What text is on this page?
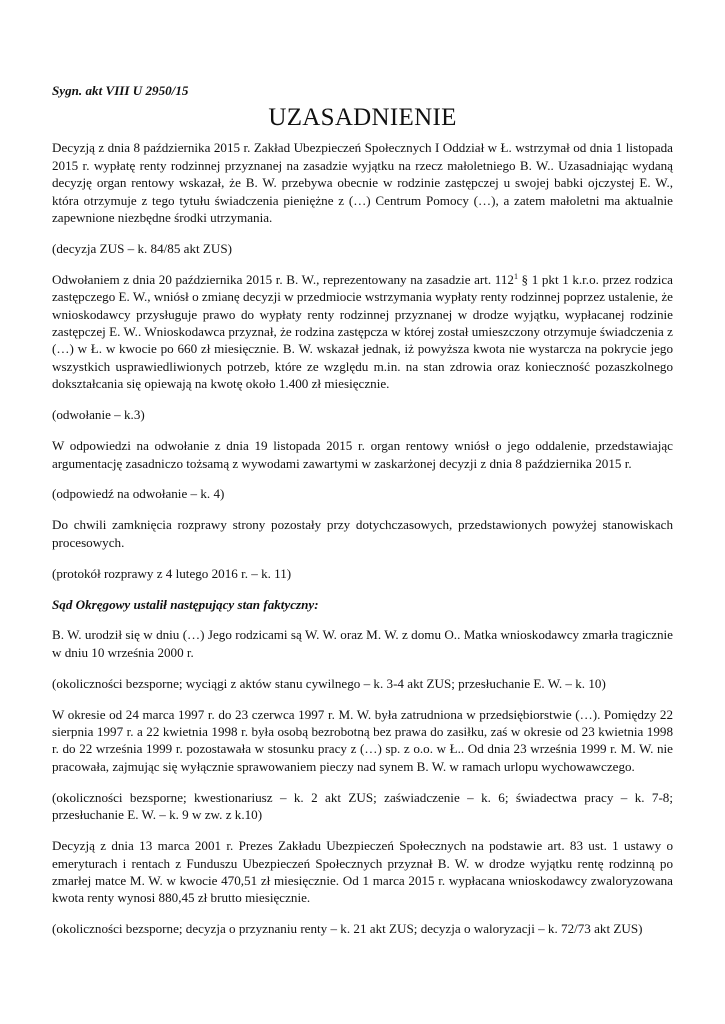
Sygn. akt VIII U 2950/15

UZASADNIENIE

Decyzją z dnia 8 października 2015 r. Zakład Ubezpieczeń Społecznych I Oddział w Ł. wstrzymał od dnia 1 listopada 2015 r. wypłatę renty rodzinnej przyznanej na zasadzie wyjątku na rzecz małoletniego B. W.. Uzasadniając wydaną decyzję organ rentowy wskazał, że B. W. przebywa obecnie w rodzinie zastępczej u swojej babki ojczystej E. W., która otrzymuje z tego tytułu świadczenia pieniężne z (…) Centrum Pomocy (…), a zatem małoletni ma aktualnie zapewnione niezbędne środki utrzymania.

(decyzja ZUS – k. 84/85 akt ZUS)

Odwołaniem z dnia 20 października 2015 r. B. W., reprezentowany na zasadzie art. $112^1$ § 1 pkt 1 k.r.o. przez rodzica zastępczego E. W., wniósł o zmianę decyzji w przedmiocie wstrzymania wypłaty renty rodzinnej poprzez ustalenie, że wnioskodawcy przysługuje prawo do wypłaty renty rodzinnej przyznanej w drodze wyjątku, wypłacanej rodzinie zastępczej E. W.. Wnioskodawca przyznał, że rodzina zastępcza w której został umieszczony otrzymuje świadczenia z (…) w Ł. w kwocie po 660 zł miesięcznie. B. W. wskazał jednak, iż powyższa kwota nie wystarcza na pokrycie jego wszystkich usprawiedliwionych potrzeb, które ze względu m.in. na stan zdrowia oraz konieczność pozaszkolnego dokształcania się opiewają na kwotę około 1.400 zł miesięcznie.

(odwołanie – k.3)

W odpowiedzi na odwołanie z dnia 19 listopada 2015 r. organ rentowy wniósł o jego oddalenie, przedstawiając argumentację zasadniczo tożsamą z wywodami zawartymi w zaskarżonej decyzji z dnia 8 października 2015 r.

(odpowiedź na odwołanie – k. 4)

Do chwili zamknięcia rozprawy strony pozostały przy dotychczasowych, przedstawionych powyżej stanowiskach procesowych.

(protokół rozprawy z 4 lutego 2016 r. – k. 11)

Sąd Okręgowy ustalił następujący stan faktyczny:

B. W. urodził się w dniu (…) Jego rodzicami są W. W. oraz M. W. z domu O.. Matka wnioskodawcy zmarła tragicznie w dniu 10 września 2000 r.

(okoliczności bezsporne; wyciągi z aktów stanu cywilnego – k. 3-4 akt ZUS; przesłuchanie E. W. – k. 10)

W okresie od 24 marca 1997 r. do 23 czerwca 1997 r. M. W. była zatrudniona w przedsiębiorstwie (…). Pomiędzy 22 sierpnia 1997 r. a 22 kwietnia 1998 r. była osobą bezrobotną bez prawa do zasiłku, zaś w okresie od 23 kwietnia 1998 r. do 22 września 1999 r. pozostawała w stosunku pracy z (…) sp. z o.o. w Ł.. Od dnia 23 września 1999 r. M. W. nie pracowała, zajmując się wyłącznie sprawowaniem pieczy nad synem B. W. w ramach urlopu wychowawczego.

(okoliczności bezsporne; kwestionariusz – k. 2 akt ZUS; zaświadczenie – k. 6; świadectwa pracy – k. 7-8; przesłuchanie E. W. – k. 9 w zw. z k.10)

Decyzją z dnia 13 marca 2001 r. Prezes Zakładu Ubezpieczeń Społecznych na podstawie art. 83 ust. 1 ustawy o emeryturach i rentach z Funduszu Ubezpieczeń Społecznych przyznał B. W. w drodze wyjątku rentę rodzinną po zmarłej matce M. W. w kwocie 470,51 zł miesięcznie. Od 1 marca 2015 r. wypłacana wnioskodawcy zwaloryzowana kwota renty wynosi 880,45 zł brutto miesięcznie.

(okoliczności bezsporne; decyzja o przyznaniu renty – k. 21 akt ZUS; decyzja o waloryzacji – k. 72/73 akt ZUS)
